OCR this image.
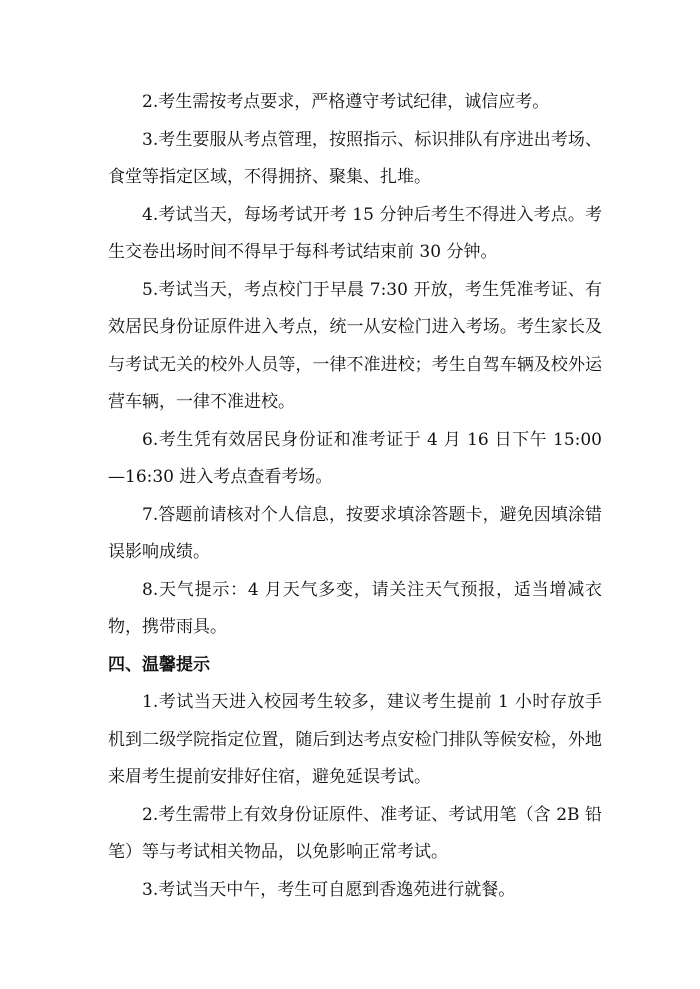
2.考生需按考点要求，严格遵守考试纪律，诚信应考。

3.考生要服从考点管理，按照指示、标识排队有序进出考场、食堂等指定区域，不得拥挤、聚集、扎堆。

4.考试当天，每场考试开考 15 分钟后考生不得进入考点。考生交卷出场时间不得早于每科考试结束前 30 分钟。

5.考试当天，考点校门于早晨 7:30 开放，考生凭准考证、有效居民身份证原件进入考点，统一从安检门进入考场。考生家长及与考试无关的校外人员等，一律不准进校；考生自驾车辆及校外运营车辆，一律不准进校。

6.考生凭有效居民身份证和准考证于 4 月 16 日下午 15:00—16:30 进入考点查看考场。

7.答题前请核对个人信息，按要求填涂答题卡，避免因填涂错误影响成绩。

8.天气提示：4 月天气多变，请关注天气预报，适当增减衣物，携带雨具。

四、温馨提示

1.考试当天进入校园考生较多，建议考生提前 1 小时存放手机到二级学院指定位置，随后到达考点安检门排队等候安检，外地来眉考生提前安排好住宿，避免延误考试。

2.考生需带上有效身份证原件、准考证、考试用笔（含 2B 铅笔）等与考试相关物品，以免影响正常考试。

3.考试当天中午，考生可自愿到香逸苑进行就餐。
